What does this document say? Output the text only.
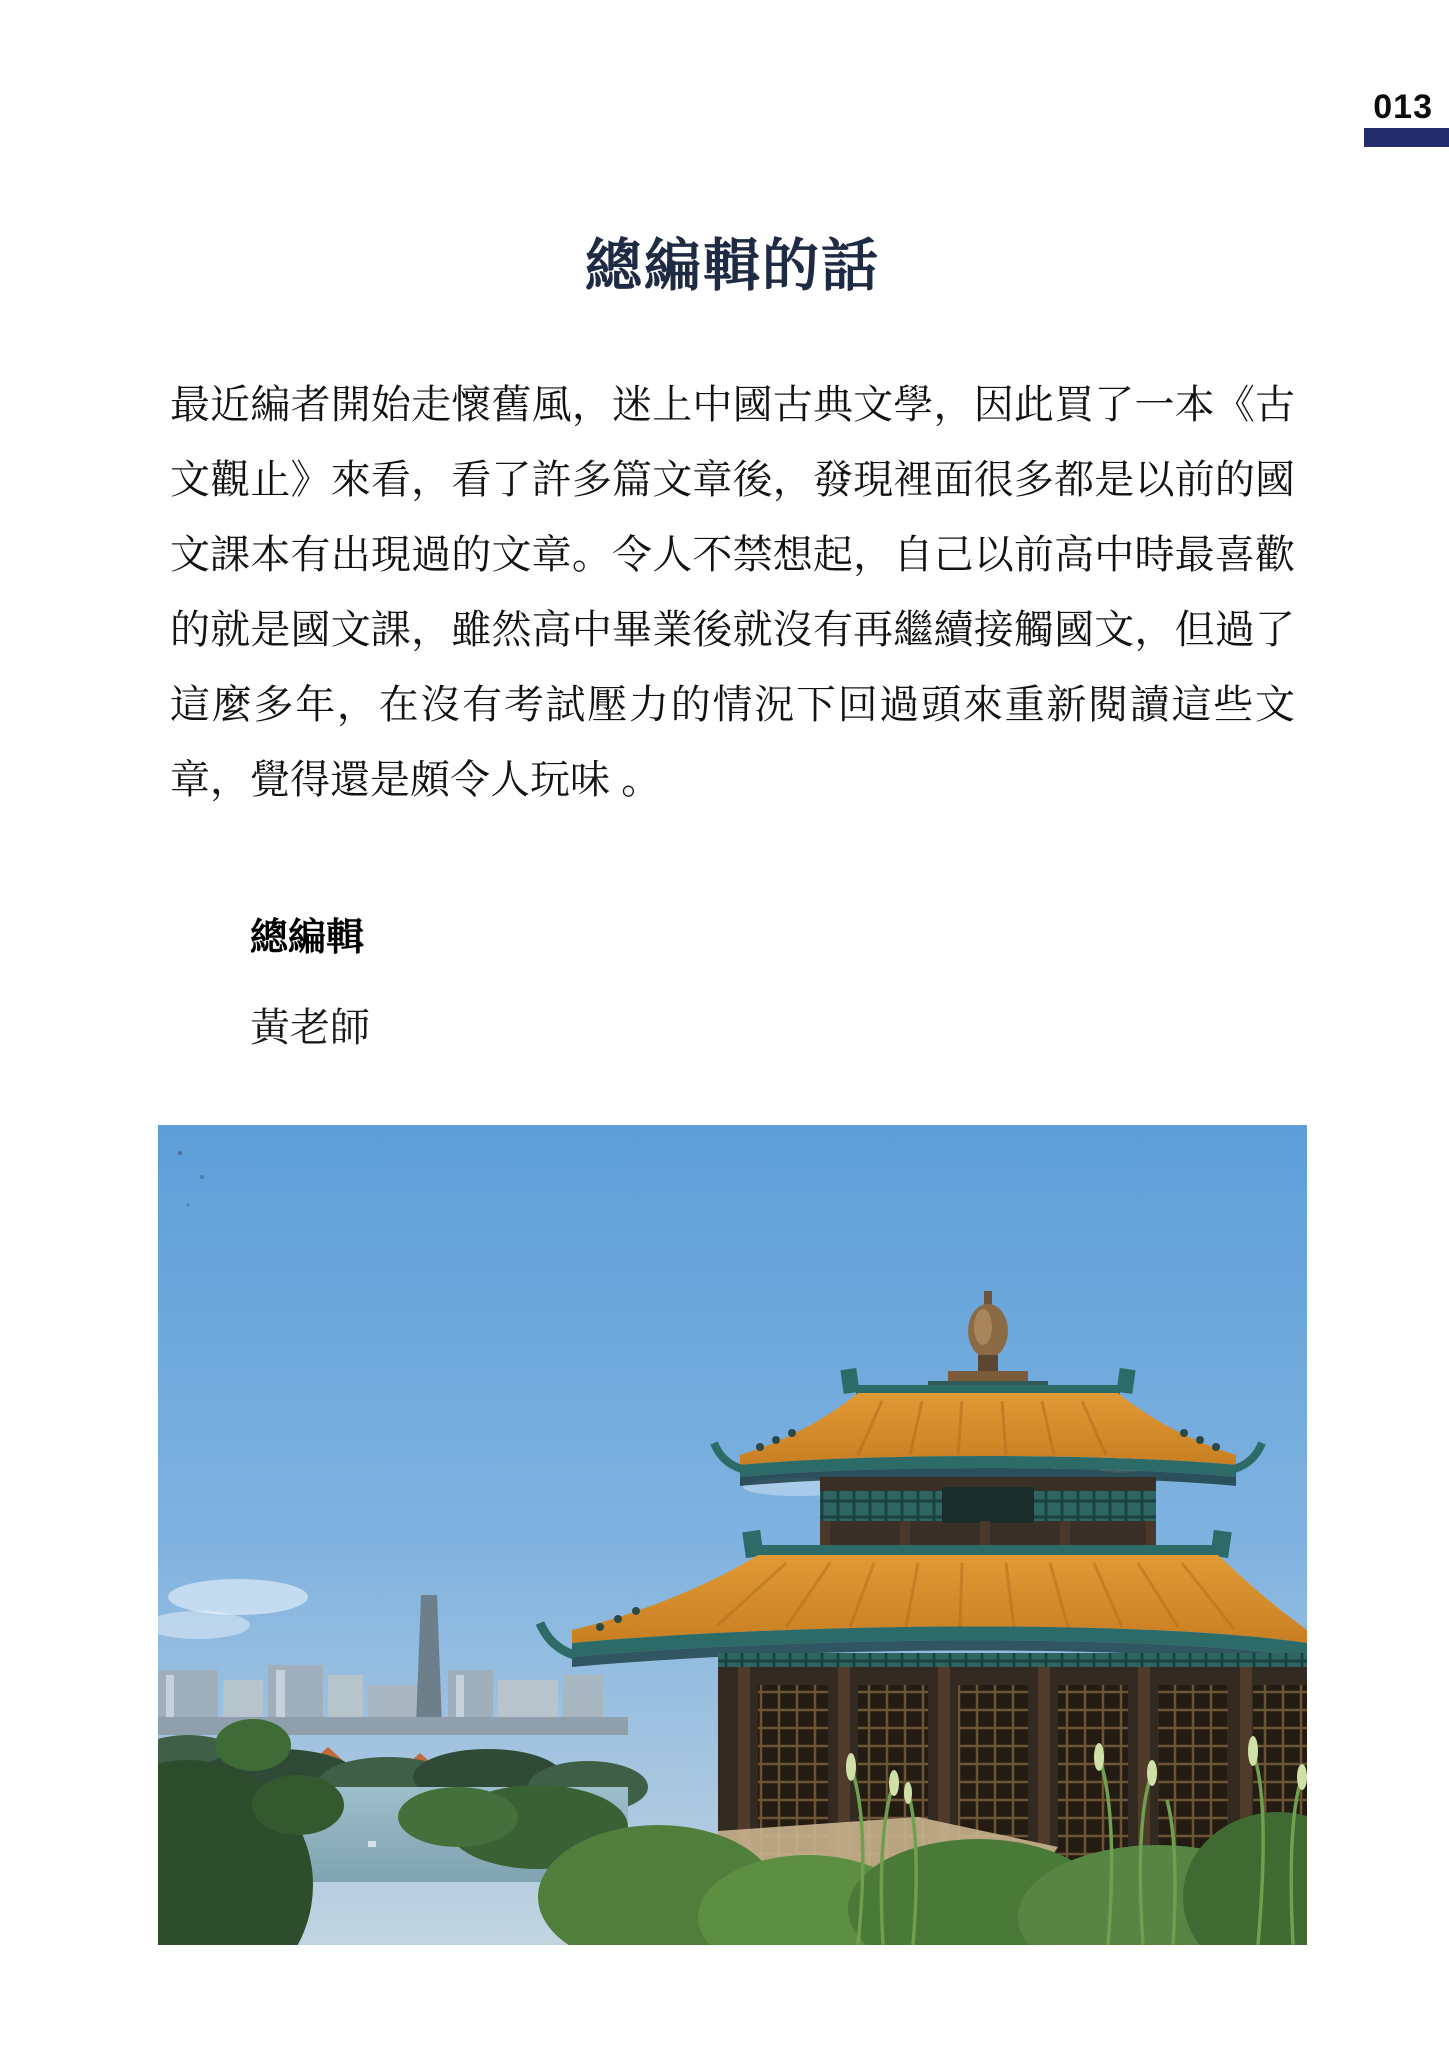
013
總編輯的話

最近編者開始走懷舊風，迷上中國古典文學，因此買了一本《古文觀止》來看，看了許多篇文章後，發現裡面很多都是以前的國文課本有出現過的文章。令人不禁想起，自己以前高中時最喜歡的就是國文課，雖然高中畢業後就沒有再繼續接觸國文，但過了這麼多年，在沒有考試壓力的情況下回過頭來重新閱讀這些文章，覺得還是頗令人玩味 。

總編輯
黃老師
